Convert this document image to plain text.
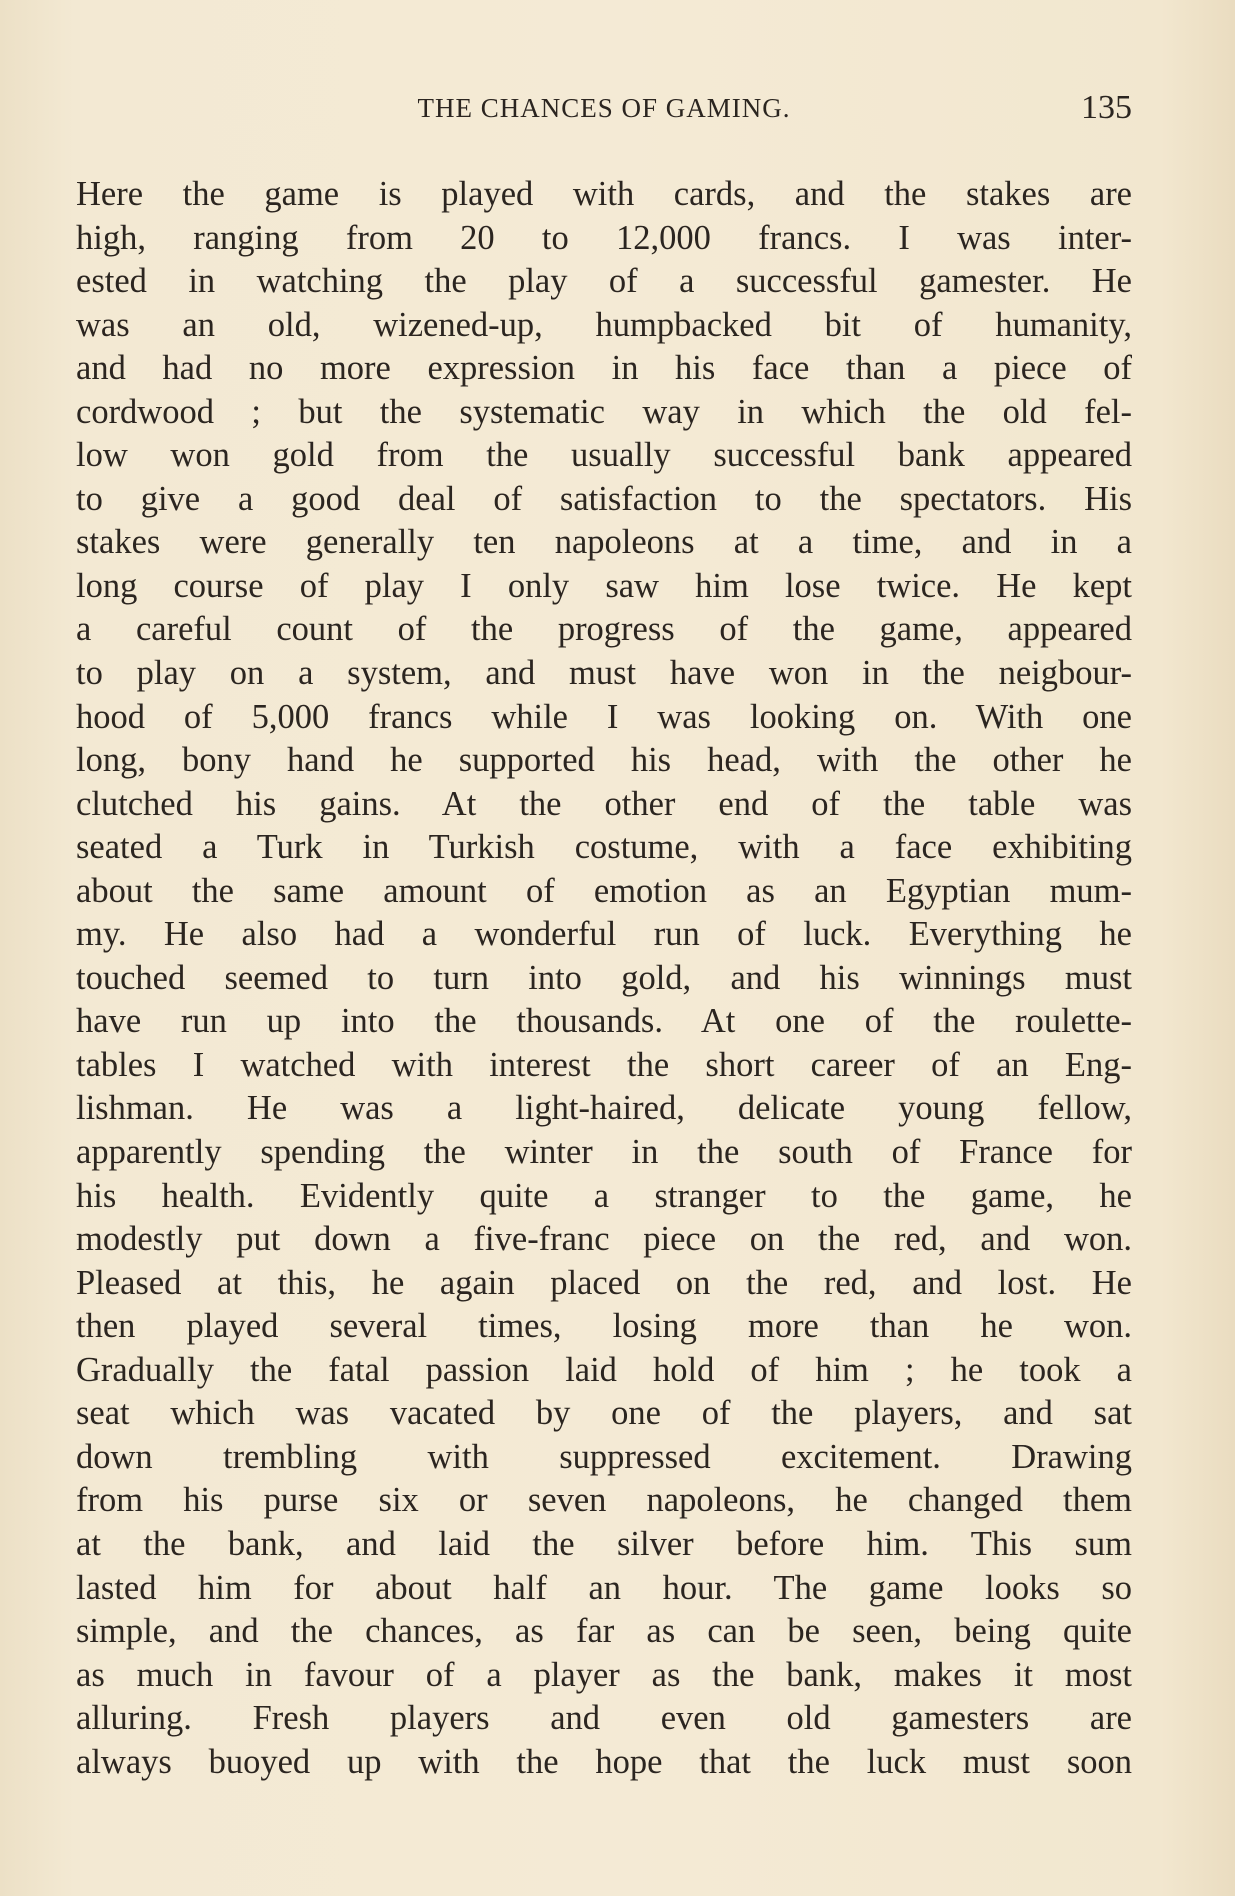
THE CHANCES OF GAMING.	135
Here the game is played with cards, and the stakes are
high, ranging from 20 to 12,000 francs. I was inter-
ested in watching the play of a successful gamester. He
was an old, wizened-up, humpbacked bit of humanity,
and had no more expression in his face than a piece of
cordwood ; but the systematic way in which the old fel-
low won gold from the usually successful bank appeared
to give a good deal of satisfaction to the spectators. His
stakes were generally ten napoleons at a time, and in a
long course of play I only saw him lose twice. He kept
a careful count of the progress of the game, appeared
to play on a system, and must have won in the neigbour-
hood of 5,000 francs while I was looking on. With one
long, bony hand he supported his head, with the other he
clutched his gains. At the other end of the table was
seated a Turk in Turkish costume, with a face exhibiting
about the same amount of emotion as an Egyptian mum-
my. He also had a wonderful run of luck. Everything he
touched seemed to turn into gold, and his winnings must
have run up into the thousands. At one of the roulette-
tables I watched with interest the short career of an Eng-
lishman. He was a light-haired, delicate young fellow,
apparently spending the winter in the south of France for
his health. Evidently quite a stranger to the game, he
modestly put down a five-franc piece on the red, and won.
Pleased at this, he again placed on the red, and lost. He
then played several times, losing more than he won.
Gradually the fatal passion laid hold of him ; he took a
seat which was vacated by one of the players, and sat
down trembling with suppressed excitement. Drawing
from his purse six or seven napoleons, he changed them
at the bank, and laid the silver before him. This sum
lasted him for about half an hour. The game looks so
simple, and the chances, as far as can be seen, being quite
as much in favour of a player as the bank, makes it most
alluring. Fresh players and even old gamesters are
always buoyed up with the hope that the luck must soon
